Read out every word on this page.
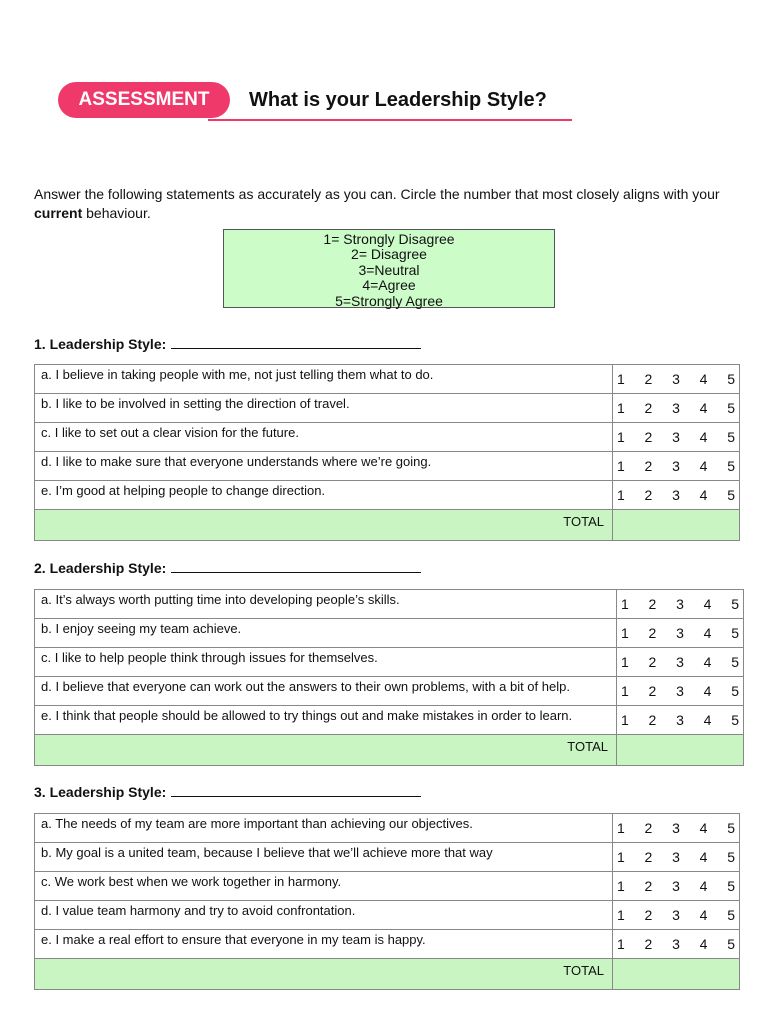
ASSESSMENT	What is your Leadership Style?
Answer the following statements as accurately as you can. Circle the number that most closely aligns with your current behaviour.
1= Strongly Disagree
2= Disagree
3=Neutral
4=Agree
5=Strongly Agree
1. Leadership Style:
a. I believe in taking people with me, not just telling them what to do.	1 2 3 4 5

b. I like to be involved in setting the direction of travel.	1 2 3 4 5

c. I like to set out a clear vision for the future.	1 2 3 4 5

d. I like to make sure that everyone understands where we’re going.	1 2 3 4 5

e. I’m good at helping people to change direction.	1 2 3 4 5

TOTAL	
2. Leadership Style:
a. It’s always worth putting time into developing people’s skills.	1 2 3 4 5

b. I enjoy seeing my team achieve.	1 2 3 4 5

c. I like to help people think through issues for themselves.	1 2 3 4 5

d. I believe that everyone can work out the answers to their own problems, with a bit of help.	1 2 3 4 5

e. I think that people should be allowed to try things out and make mistakes in order to learn.	1 2 3 4 5

TOTAL	
3. Leadership Style:
a. The needs of my team are more important than achieving our objectives.	1 2 3 4 5

b. My goal is a united team, because I believe that we’ll achieve more that way	1 2 3 4 5

c. We work best when we work together in harmony.	1 2 3 4 5

d. I value team harmony and try to avoid confrontation.	1 2 3 4 5

e. I make a real effort to ensure that everyone in my team is happy.	1 2 3 4 5

TOTAL	
